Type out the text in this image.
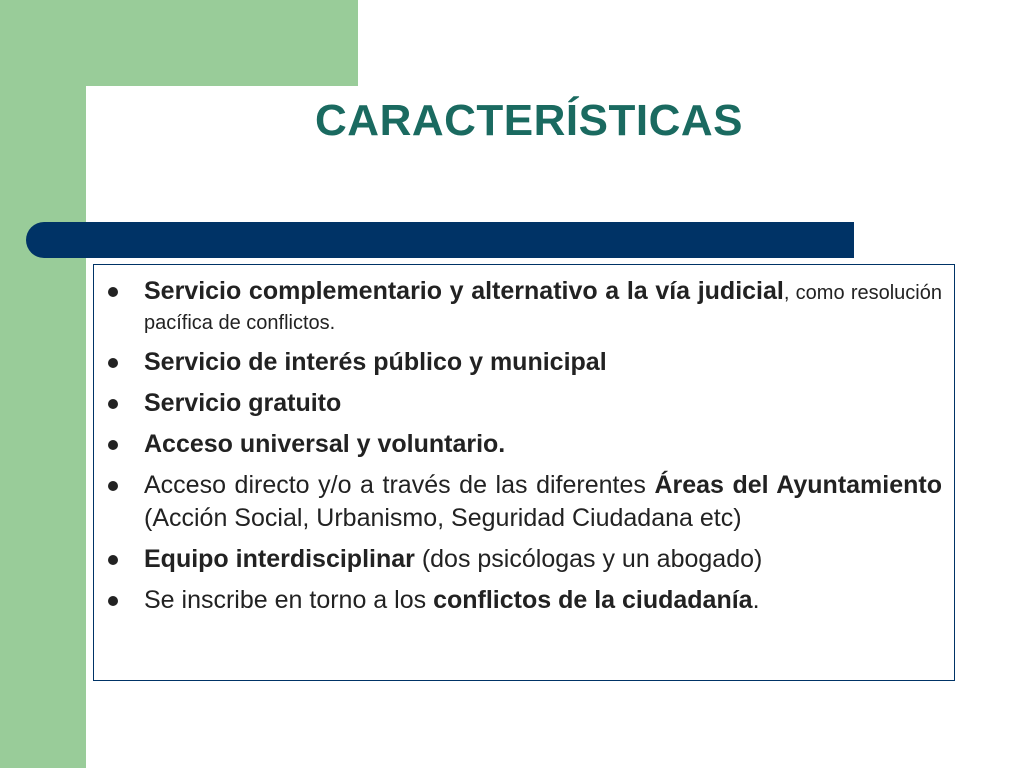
CARACTERÍSTICAS
Servicio complementario y alternativo a la vía judicial, como resolución pacífica de conflictos.
Servicio de interés público y municipal
Servicio gratuito
Acceso universal y voluntario.
Acceso directo y/o a través de las diferentes Áreas del Ayuntamiento (Acción Social, Urbanismo, Seguridad Ciudadana etc)
Equipo interdisciplinar (dos psicólogas y un abogado)
Se inscribe en torno a los conflictos de la ciudadanía.
